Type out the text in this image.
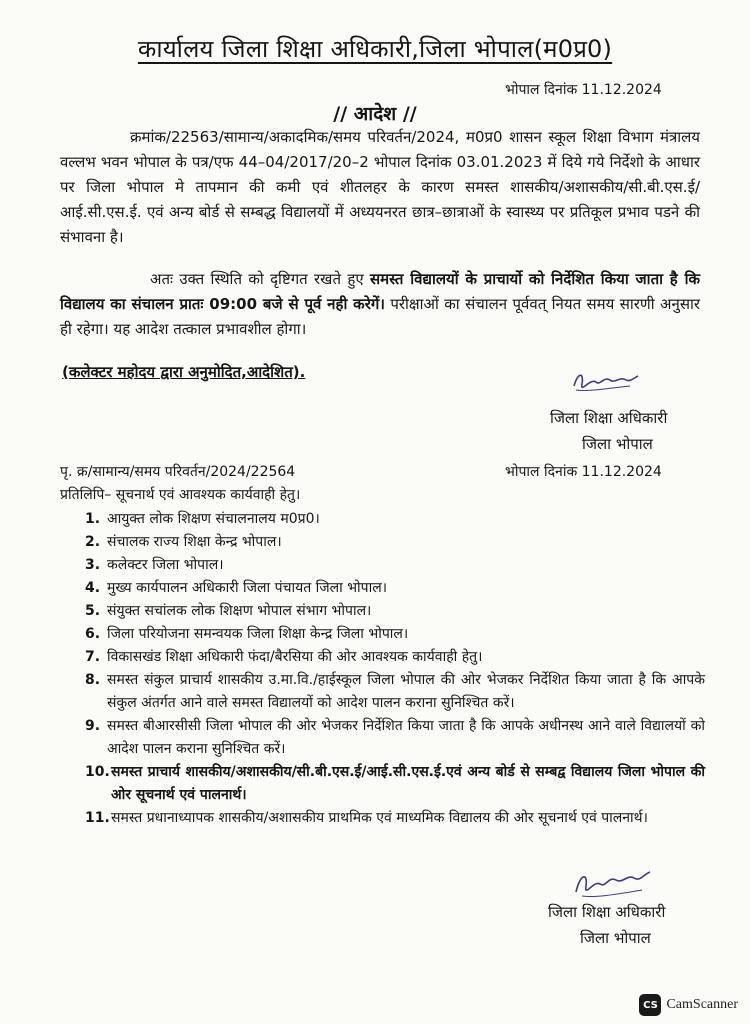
कार्यालय जिला शिक्षा अधिकारी,जिला भोपाल(म0प्र0)
भोपाल दिनांक 11.12.2024
// आदेश //
क्रमांक/22563/सामान्य/अकादमिक/समय परिवर्तन/2024, म0प्र0 शासन स्कूल शिक्षा विभाग मंत्रालय वल्लभ भवन भोपाल के पत्र/एफ 44–04/2017/20–2 भोपाल दिनांक 03.01.2023 में दिये गये निर्देशो के आधार पर जिला भोपाल मे तापमान की कमी एवं शीतलहर के कारण समस्त शासकीय/अशासकीय/सी.बी.एस.ई/आई.सी.एस.ई. एवं अन्य बोर्ड से सम्बद्ध विद्यालयों में अध्ययनरत छात्र–छात्राओं के स्वास्थ्य पर प्रतिकूल प्रभाव पडने की संभावना है।
अतः उक्त स्थिति को दृष्टिगत रखते हुए समस्त विद्यालयों के प्राचार्यो को निर्देशित किया जाता है कि विद्यालय का संचालन प्रातः 09:00 बजे से पूर्व नही करेगें। परीक्षाओं का संचालन पूर्ववत् नियत समय सारणी अनुसार ही रहेगा। यह आदेश तत्काल प्रभावशील होगा।
(कलेक्टर महोदय द्वारा अनुमोदित,आदेशित).
जिला शिक्षा अधिकारी
जिला भोपाल
पृ. क्र/सामान्य/समय परिवर्तन/2024/22564	भोपाल दिनांक 11.12.2024
प्रतिलिपि– सूचनार्थ एवं आवश्यक कार्यवाही हेतु।
1. आयुक्त लोक शिक्षण संचालनालय म0प्र0।
2. संचालक राज्य शिक्षा केन्द्र भोपाल।
3. कलेक्टर जिला भोपाल।
4. मुख्य कार्यपालन अधिकारी जिला पंचायत जिला भोपाल।
5. संयुक्त सचांलक लोक शिक्षण भोपाल संभाग भोपाल।
6. जिला परियोजना समन्वयक जिला शिक्षा केन्द्र जिला भोपाल।
7. विकासखंड शिक्षा अधिकारी फंदा/बैरसिया की ओर आवश्यक कार्यवाही हेतु।
8. समस्त संकुल प्राचार्य शासकीय उ.मा.वि./हाईस्कूल जिला भोपाल की ओर भेजकर निर्देशित किया जाता है कि आपके संकुल अंतर्गत आने वाले समस्त विद्यालयों को आदेश पालन कराना सुनिश्चित करें।
9. समस्त बीआरसीसी जिला भोपाल की ओर भेजकर निर्देशित किया जाता है कि आपके अधीनस्थ आने वाले विद्यालयों को आदेश पालन कराना सुनिश्चित करें।
10. समस्त प्राचार्य शासकीय/अशासकीय/सी.बी.एस.ई/आई.सी.एस.ई.एवं अन्य बोर्ड से सम्बद्व विद्यालय जिला भोपाल की ओर सूचनार्थ एवं पालनार्थ।
11. समस्त प्रधानाध्यापक शासकीय/अशासकीय प्राथमिक एवं माध्यमिक विद्यालय की ओर सूचनार्थ एवं पालनार्थ।
जिला शिक्षा अधिकारी
जिला भोपाल
CS CamScanner
